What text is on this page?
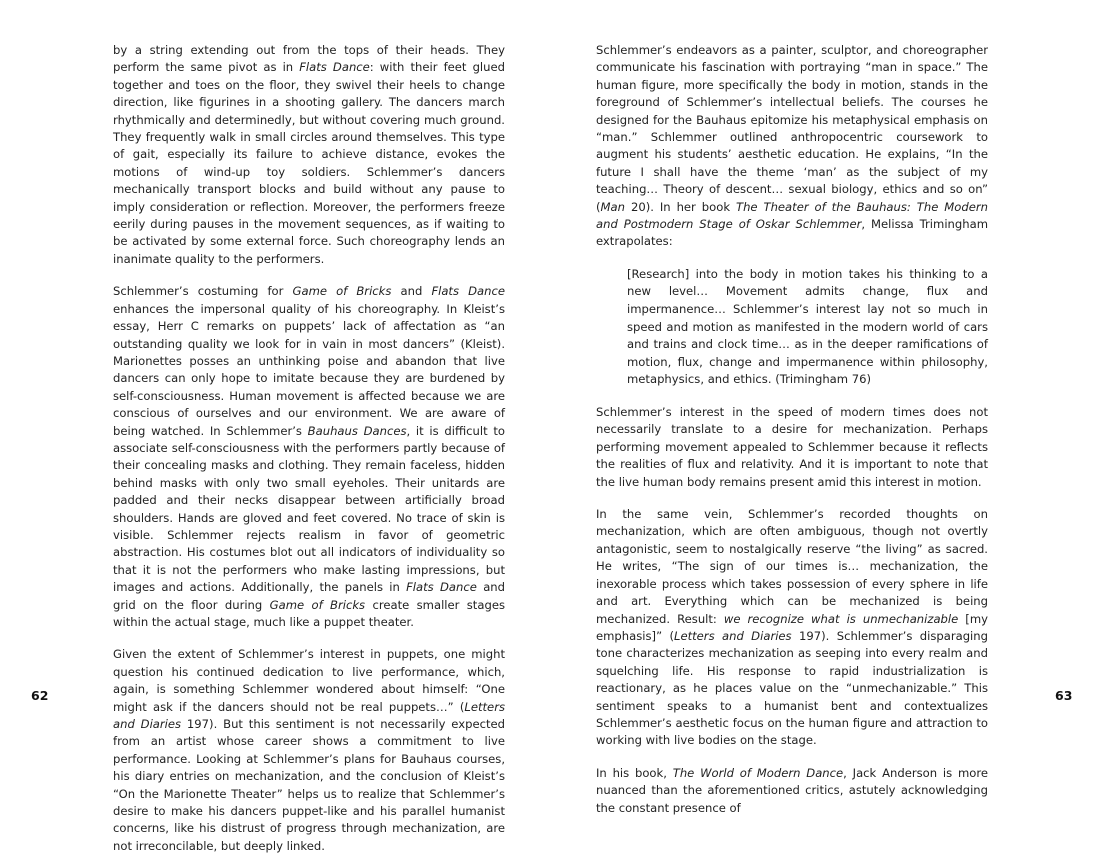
by a string extending out from the tops of their heads. They perform the same pivot as in Flats Dance: with their feet glued together and toes on the floor, they swivel their heels to change direction, like figurines in a shooting gallery. The dancers march rhythmically and determinedly, but without covering much ground. They frequently walk in small circles around themselves. This type of gait, especially its failure to achieve distance, evokes the motions of wind-up toy soldiers. Schlemmer’s dancers mechanically transport blocks and build without any pause to imply consideration or reflection. Moreover, the performers freeze eerily during pauses in the movement sequences, as if waiting to be activated by some external force. Such choreography lends an inanimate quality to the performers.

Schlemmer’s costuming for Game of Bricks and Flats Dance enhances the impersonal quality of his choreography. In Kleist’s essay, Herr C remarks on puppets’ lack of affectation as “an outstanding quality we look for in vain in most dancers” (Kleist). Marionettes posses an unthinking poise and abandon that live dancers can only hope to imitate because they are burdened by self-consciousness. Human movement is affected because we are conscious of ourselves and our environment. We are aware of being watched. In Schlemmer’s Bauhaus Dances, it is difficult to associate self-consciousness with the performers partly because of their concealing masks and clothing. They remain faceless, hidden behind masks with only two small eyeholes. Their unitards are padded and their necks disappear between artificially broad shoulders. Hands are gloved and feet covered. No trace of skin is visible. Schlemmer rejects realism in favor of geometric abstraction. His costumes blot out all indicators of individuality so that it is not the performers who make lasting impressions, but images and actions. Additionally, the panels in Flats Dance and grid on the floor during Game of Bricks create smaller stages within the actual stage, much like a puppet theater.

Given the extent of Schlemmer’s interest in puppets, one might question his continued dedication to live performance, which, again, is something Schlemmer wondered about himself: “One might ask if the dancers should not be real puppets…” (Letters and Diaries 197). But this sentiment is not necessarily expected from an artist whose career shows a commitment to live performance. Looking at Schlemmer’s plans for Bauhaus courses, his diary entries on mechanization, and the conclusion of Kleist’s “On the Marionette Theater” helps us to realize that Schlemmer’s desire to make his dancers puppet-like and his parallel humanist concerns, like his distrust of progress through mechanization, are not irreconcilable, but deeply linked.

62

Schlemmer’s endeavors as a painter, sculptor, and choreographer communicate his fascination with portraying “man in space.” The human figure, more specifically the body in motion, stands in the foreground of Schlemmer’s intellectual beliefs. The courses he designed for the Bauhaus epitomize his metaphysical emphasis on “man.” Schlemmer outlined anthropocentric coursework to augment his students’ aesthetic education. He explains, “In the future I shall have the theme ‘man’ as the subject of my teaching… Theory of descent… sexual biology, ethics and so on” (Man 20). In her book The Theater of the Bauhaus: The Modern and Postmodern Stage of Oskar Schlemmer, Melissa Trimingham extrapolates:

[Research] into the body in motion takes his thinking to a new level… Movement admits change, flux and impermanence… Schlemmer’s interest lay not so much in speed and motion as manifested in the modern world of cars and trains and clock time… as in the deeper ramifications of motion, flux, change and impermanence within philosophy, metaphysics, and ethics. (Trimingham 76)

Schlemmer’s interest in the speed of modern times does not necessarily translate to a desire for mechanization. Perhaps performing movement appealed to Schlemmer because it reflects the realities of flux and relativity. And it is important to note that the live human body remains present amid this interest in motion.

In the same vein, Schlemmer’s recorded thoughts on mechanization, which are often ambiguous, though not overtly antagonistic, seem to nostalgically reserve “the living” as sacred. He writes, “The sign of our times is… mechanization, the inexorable process which takes possession of every sphere in life and art. Everything which can be mechanized is being mechanized. Result: we recognize what is unmechanizable [my emphasis]” (Letters and Diaries 197). Schlemmer’s disparaging tone characterizes mechanization as seeping into every realm and squelching life. His response to rapid industrialization is reactionary, as he places value on the “unmechanizable.” This sentiment speaks to a humanist bent and contextualizes Schlemmer’s aesthetic focus on the human figure and attraction to working with live bodies on the stage.

In his book, The World of Modern Dance, Jack Anderson is more nuanced than the aforementioned critics, astutely acknowledging the constant presence of

63
